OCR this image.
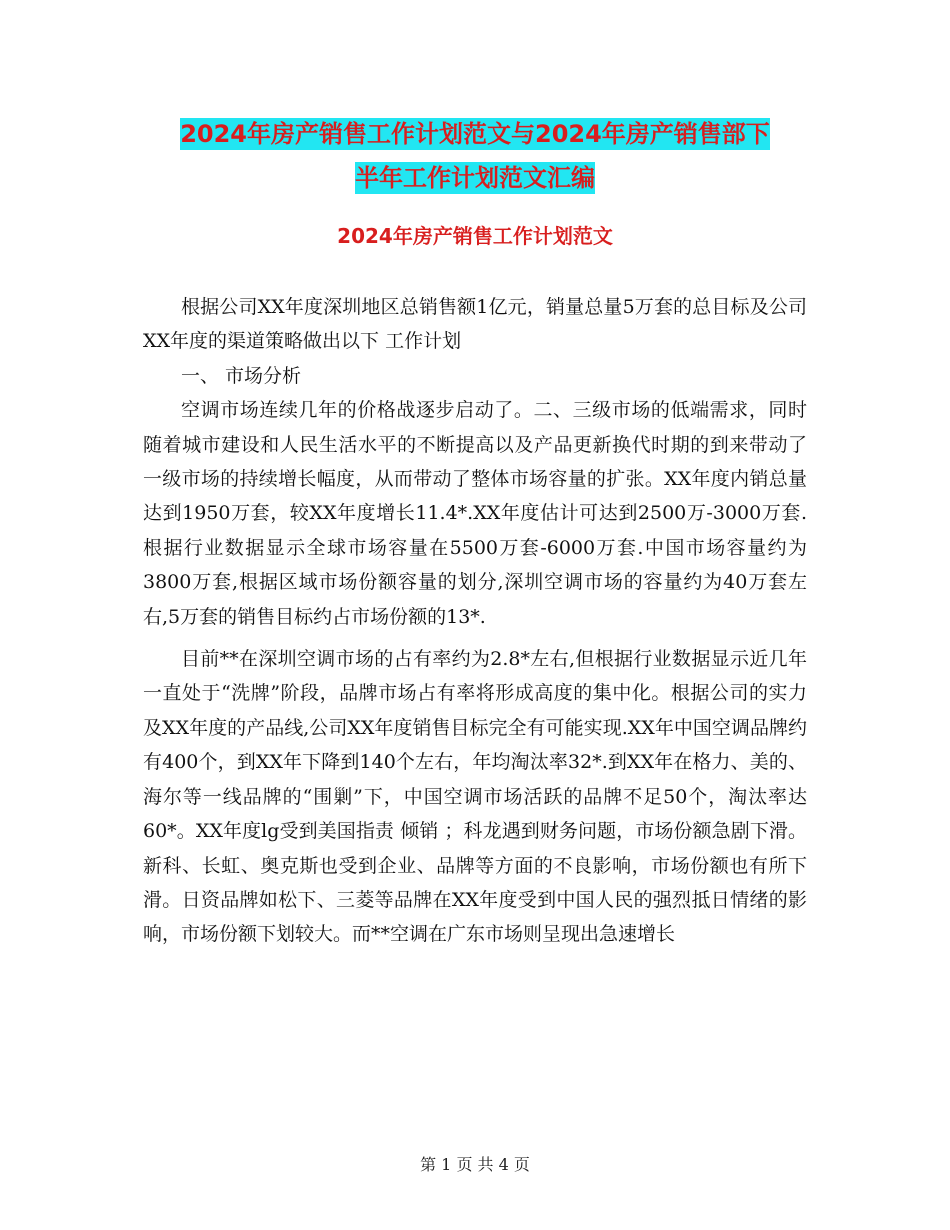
2024年房产销售工作计划范文与2024年房产销售部下
半年工作计划范文汇编
2024年房产销售工作计划范文

根据公司XX年度深圳地区总销售额1亿元，销量总量5万套的总目标及公司XX年度的渠道策略做出以下 工作计划

一、 市场分析

空调市场连续几年的价格战逐步启动了。二、三级市场的低端需求，同时随着城市建设和人民生活水平的不断提高以及产品更新换代时期的到来带动了一级市场的持续增长幅度，从而带动了整体市场容量的扩张。XX年度内销总量达到1950万套，较XX年度增长11.4*.XX年度估计可达到2500万-3000万套.根据行业数据显示全球市场容量在5500万套-6000万套.中国市场容量约为3800万套,根据区域市场份额容量的划分,深圳空调市场的容量约为40万套左右,5万套的销售目标约占市场份额的13*.

目前**在深圳空调市场的占有率约为2.8*左右,但根据行业数据显示近几年一直处于“洗牌”阶段，品牌市场占有率将形成高度的集中化。根据公司的实力及XX年度的产品线,公司XX年度销售目标完全有可能实现.XX年中国空调品牌约有400个，到XX年下降到140个左右，年均淘汰率32*.到XX年在格力、美的、海尔等一线品牌的“围剿”下，中国空调市场活跃的品牌不足50个，淘汰率达60*。XX年度lg受到美国指责 倾销 ；科龙遇到财务问题，市场份额急剧下滑。新科、长虹、奥克斯也受到企业、品牌等方面的不良影响，市场份额也有所下滑。日资品牌如松下、三菱等品牌在XX年度受到中国人民的强烈抵日情绪的影响，市场份额下划较大。而**空调在广东市场则呈现出急速增长

第 1 页 共 4 页
